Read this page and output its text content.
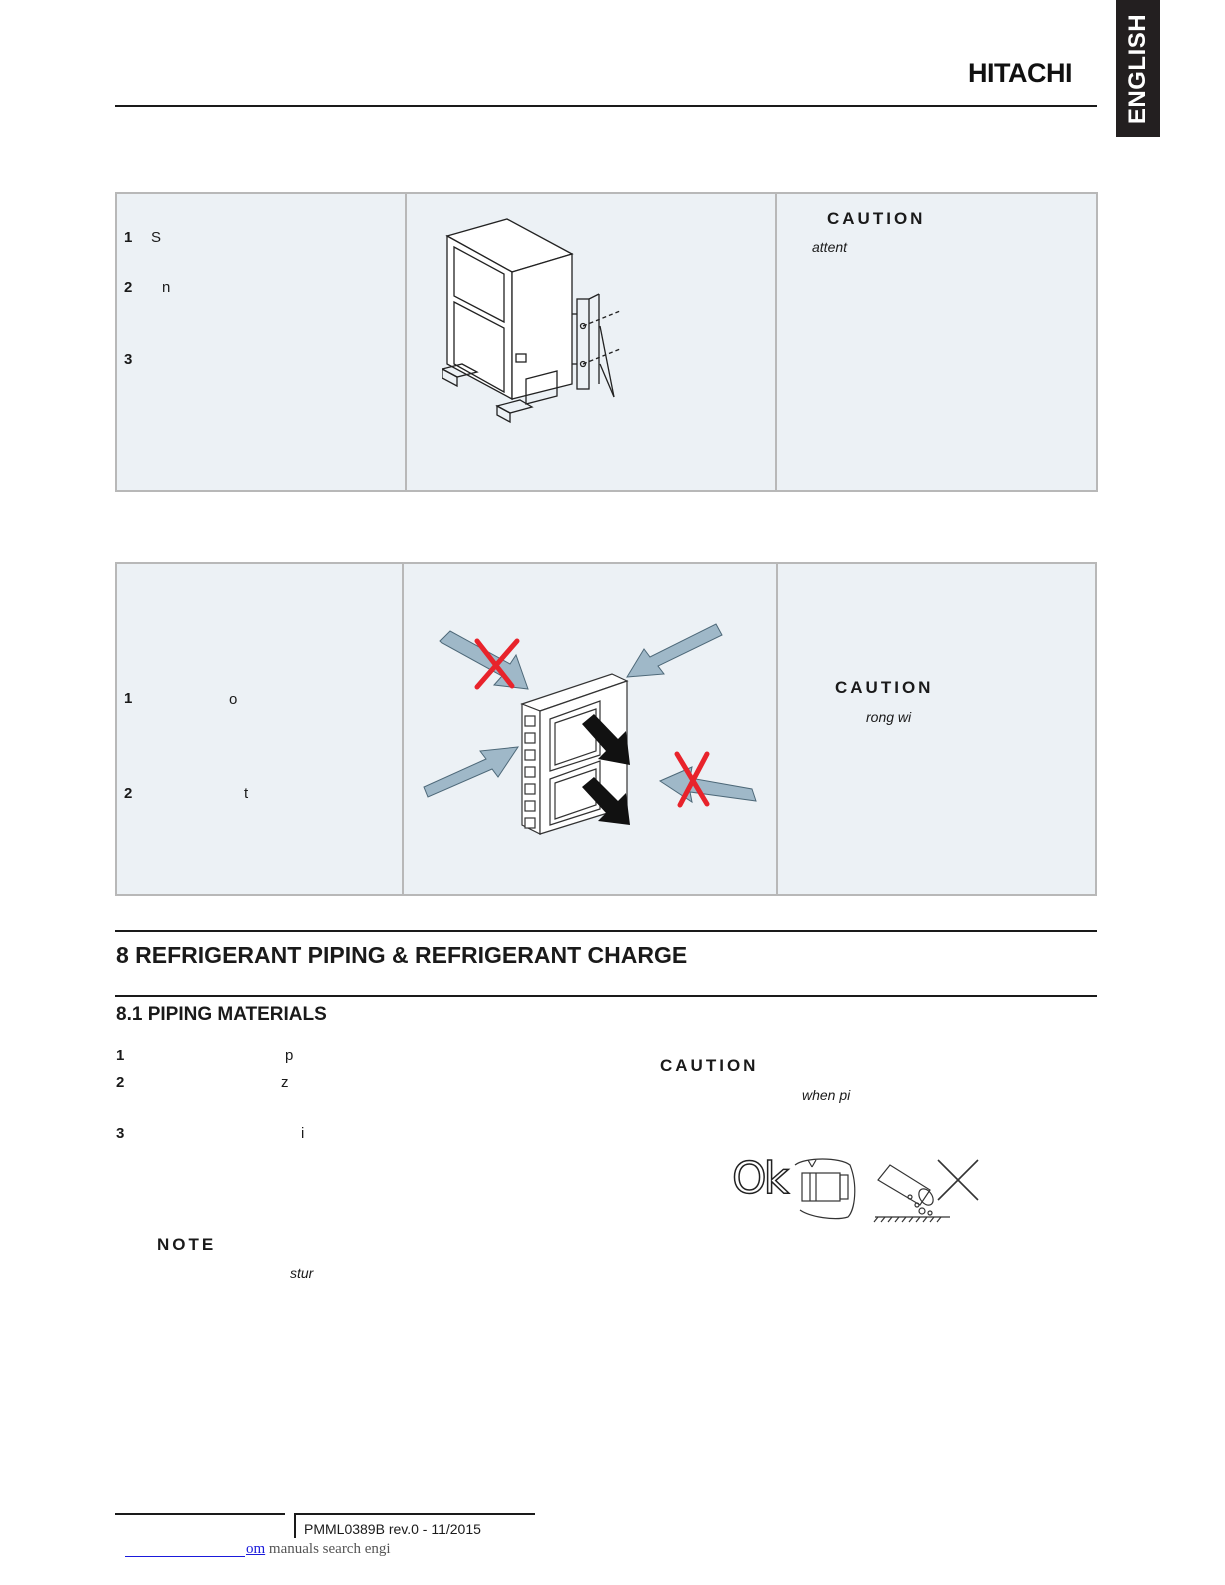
HITACHI ENGLISH
1 S
2 n
3
CAUTION
attent
1	o
2	t
CAUTION
rong wi
8 REFRIGERANT PIPING & REFRIGERANT CHARGE
8.1 PIPING MATERIALS
1	p
2	z
3	i
NOTE
stur
CAUTION
when pi
Ok
PMML0389B rev.0 - 11/2015
om manuals search engi
